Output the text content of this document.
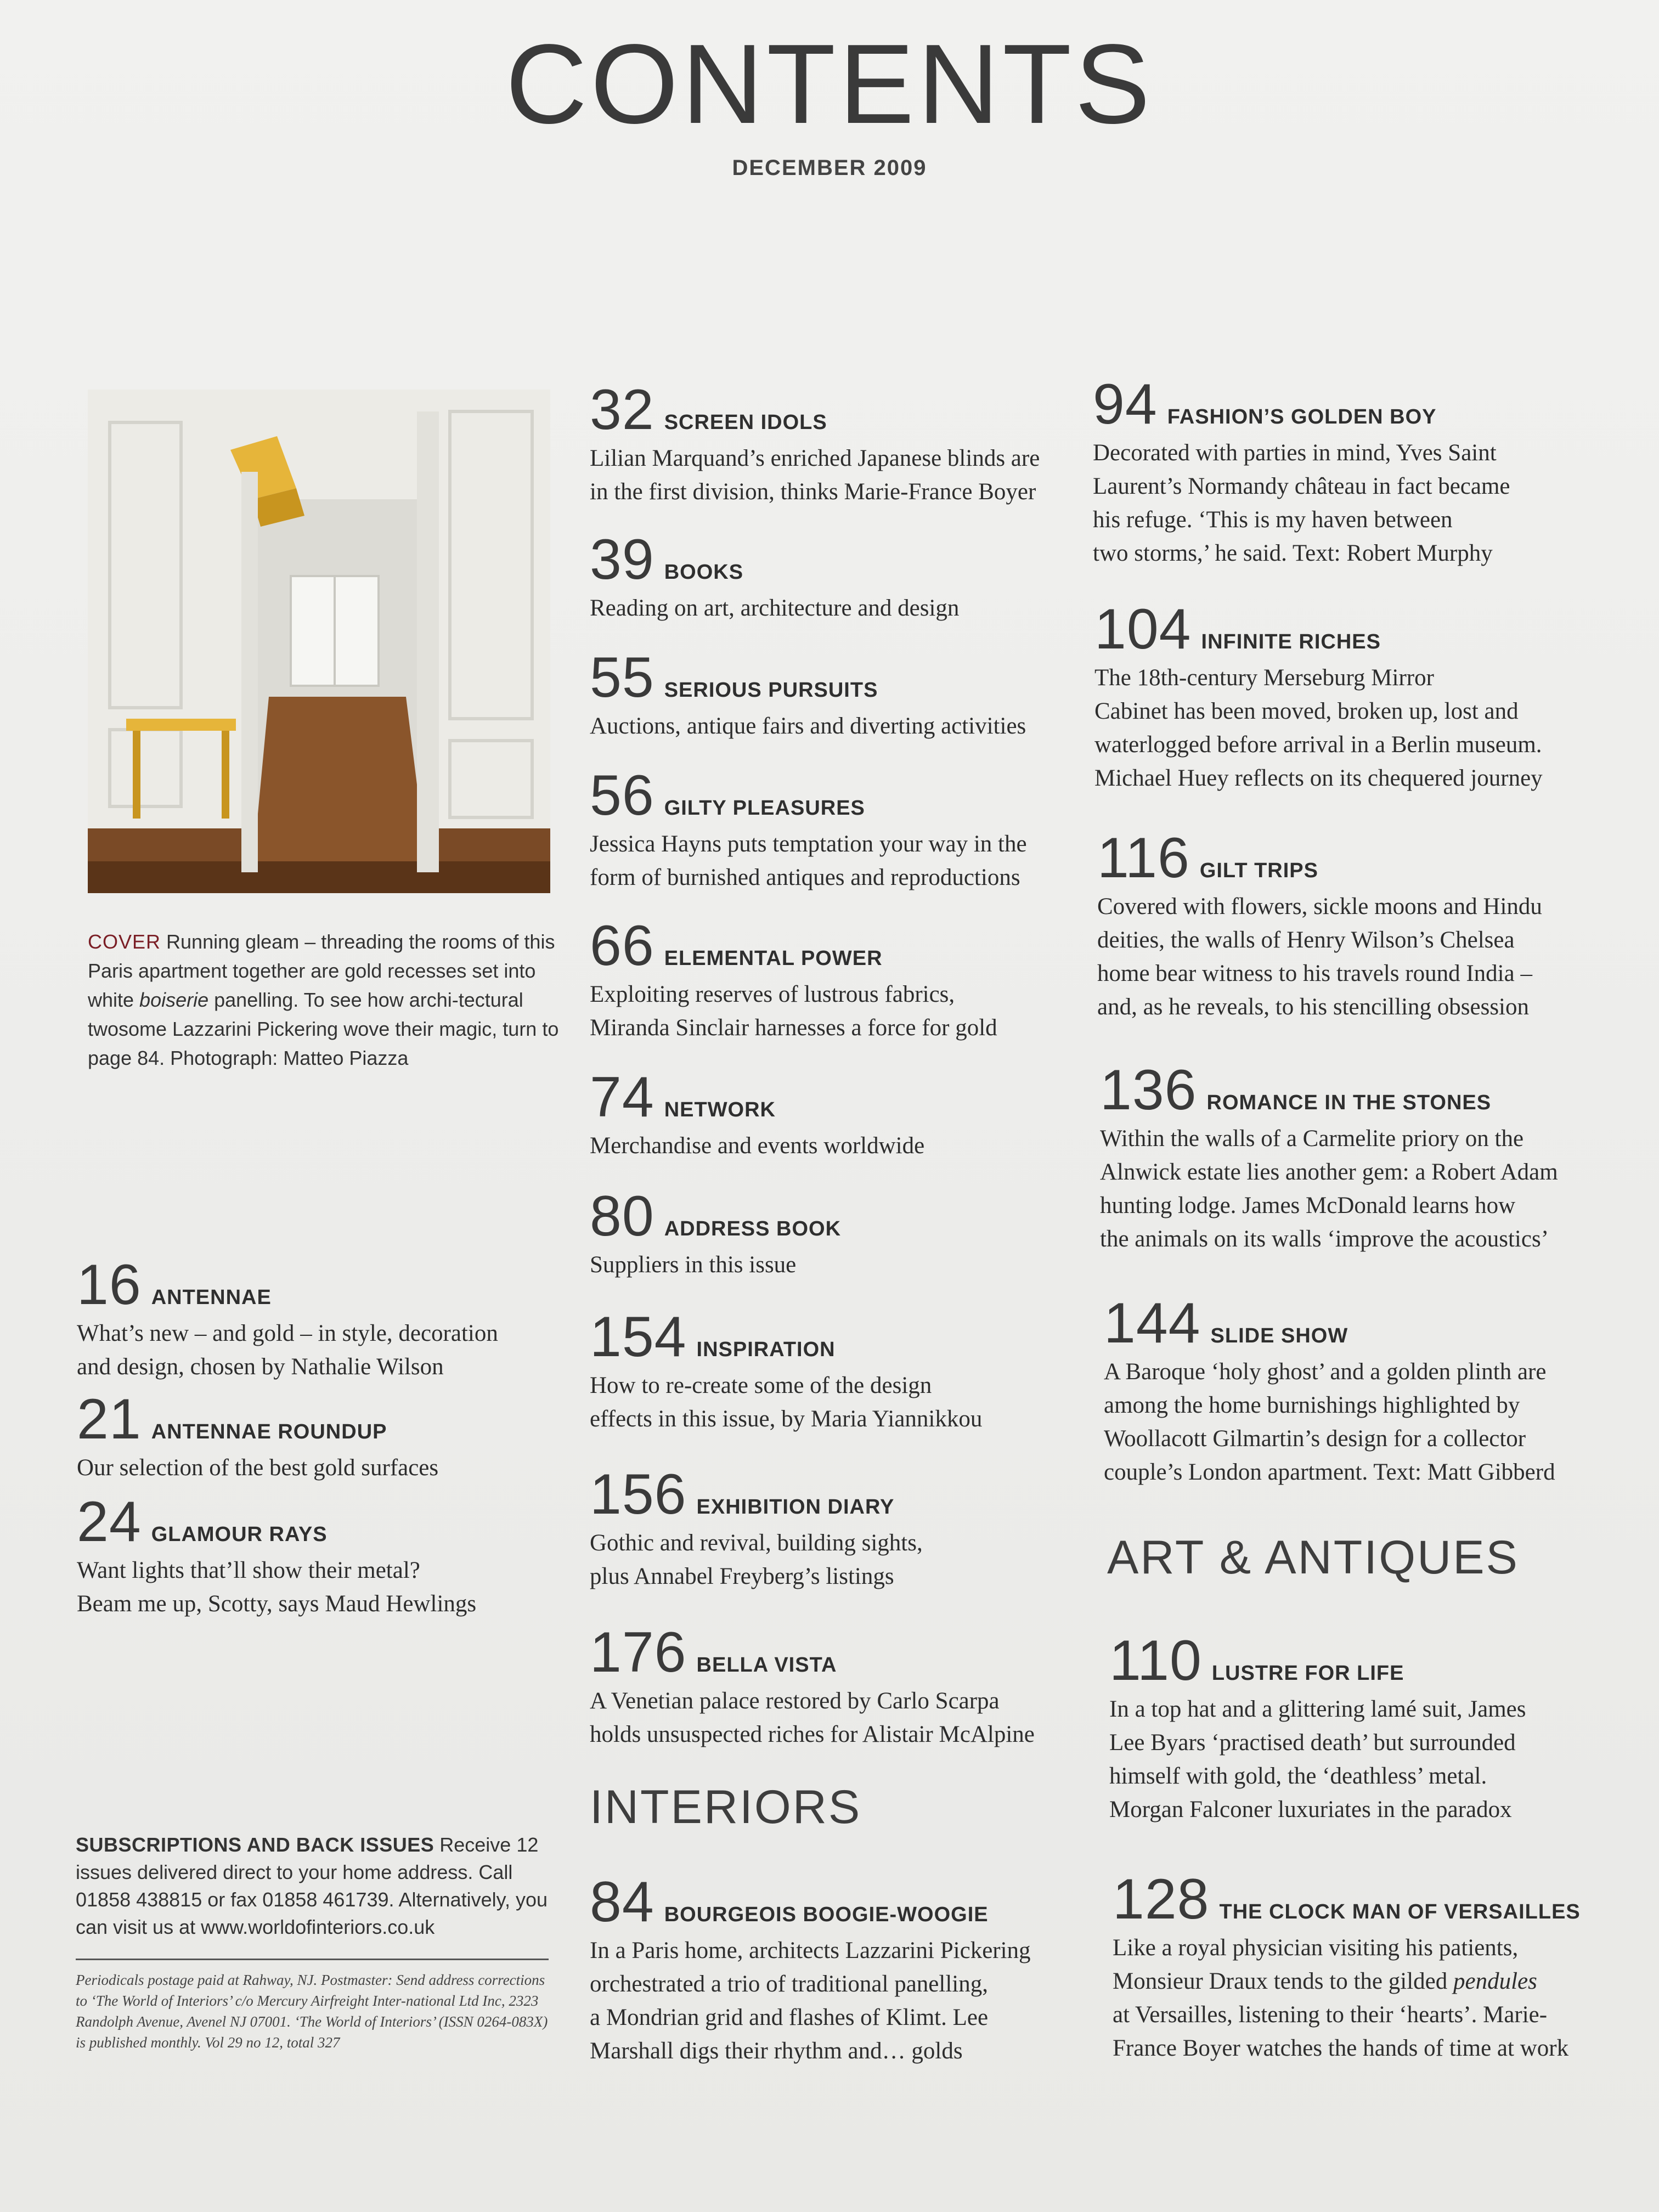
CONTENTS
DECEMBER 2009
COVER Running gleam – threading the rooms of this Paris apartment together are gold recesses set into white boiserie panelling. To see how archi-tectural twosome Lazzarini Pickering wove their magic, turn to page 84. Photograph: Matteo Piazza
16 ANTENNAE
What’s new – and gold – in style, decoration
and design, chosen by Nathalie Wilson
21 ANTENNAE ROUNDUP
Our selection of the best gold surfaces
24 GLAMOUR RAYS
Want lights that’ll show their metal?
Beam me up, Scotty, says Maud Hewlings
SUBSCRIPTIONS AND BACK ISSUES Receive 12 issues delivered direct to your home address. Call 01858 438815 or fax 01858 461739. Alternatively, you can visit us at www.worldofinteriors.co.uk
Periodicals postage paid at Rahway, NJ. Postmaster: Send address corrections to ‘The World of Interiors’ c/o Mercury Airfreight Inter-national Ltd Inc, 2323 Randolph Avenue, Avenel NJ 07001. ‘The World of Interiors’ (ISSN 0264-083X) is published monthly. Vol 29 no 12, total 327
32 SCREEN IDOLS
Lilian Marquand’s enriched Japanese blinds are
in the first division, thinks Marie-France Boyer
39 BOOKS
Reading on art, architecture and design
55 SERIOUS PURSUITS
Auctions, antique fairs and diverting activities
56 GILTY PLEASURES
Jessica Hayns puts temptation your way in the
form of burnished antiques and reproductions
66 ELEMENTAL POWER
Exploiting reserves of lustrous fabrics,
Miranda Sinclair harnesses a force for gold
74 NETWORK
Merchandise and events worldwide
80 ADDRESS BOOK
Suppliers in this issue
154 INSPIRATION
How to re-create some of the design
effects in this issue, by Maria Yiannikkou
156 EXHIBITION DIARY
Gothic and revival, building sights,
plus Annabel Freyberg’s listings
176 BELLA VISTA
A Venetian palace restored by Carlo Scarpa
holds unsuspected riches for Alistair McAlpine
INTERIORS
84 BOURGEOIS BOOGIE-WOOGIE
In a Paris home, architects Lazzarini Pickering
orchestrated a trio of traditional panelling,
a Mondrian grid and flashes of Klimt. Lee
Marshall digs their rhythm and… golds
94 FASHION’S GOLDEN BOY
Decorated with parties in mind, Yves Saint
Laurent’s Normandy château in fact became
his refuge. ‘This is my haven between
two storms,’ he said. Text: Robert Murphy
104 INFINITE RICHES
The 18th-century Merseburg Mirror
Cabinet has been moved, broken up, lost and
waterlogged before arrival in a Berlin museum.
Michael Huey reflects on its chequered journey
116 GILT TRIPS
Covered with flowers, sickle moons and Hindu
deities, the walls of Henry Wilson’s Chelsea
home bear witness to his travels round India –
and, as he reveals, to his stencilling obsession
136 ROMANCE IN THE STONES
Within the walls of a Carmelite priory on the
Alnwick estate lies another gem: a Robert Adam
hunting lodge. James McDonald learns how
the animals on its walls ‘improve the acoustics’
144 SLIDE SHOW
A Baroque ‘holy ghost’ and a golden plinth are
among the home burnishings highlighted by
Woollacott Gilmartin’s design for a collector
couple’s London apartment. Text: Matt Gibberd
ART & ANTIQUES
110 LUSTRE FOR LIFE
In a top hat and a glittering lamé suit, James
Lee Byars ‘practised death’ but surrounded
himself with gold, the ‘deathless’ metal.
Morgan Falconer luxuriates in the paradox
128 THE CLOCK MAN OF VERSAILLES
Like a royal physician visiting his patients,
Monsieur Draux tends to the gilded pendules
at Versailles, listening to their ‘hearts’. Marie-
France Boyer watches the hands of time at work
